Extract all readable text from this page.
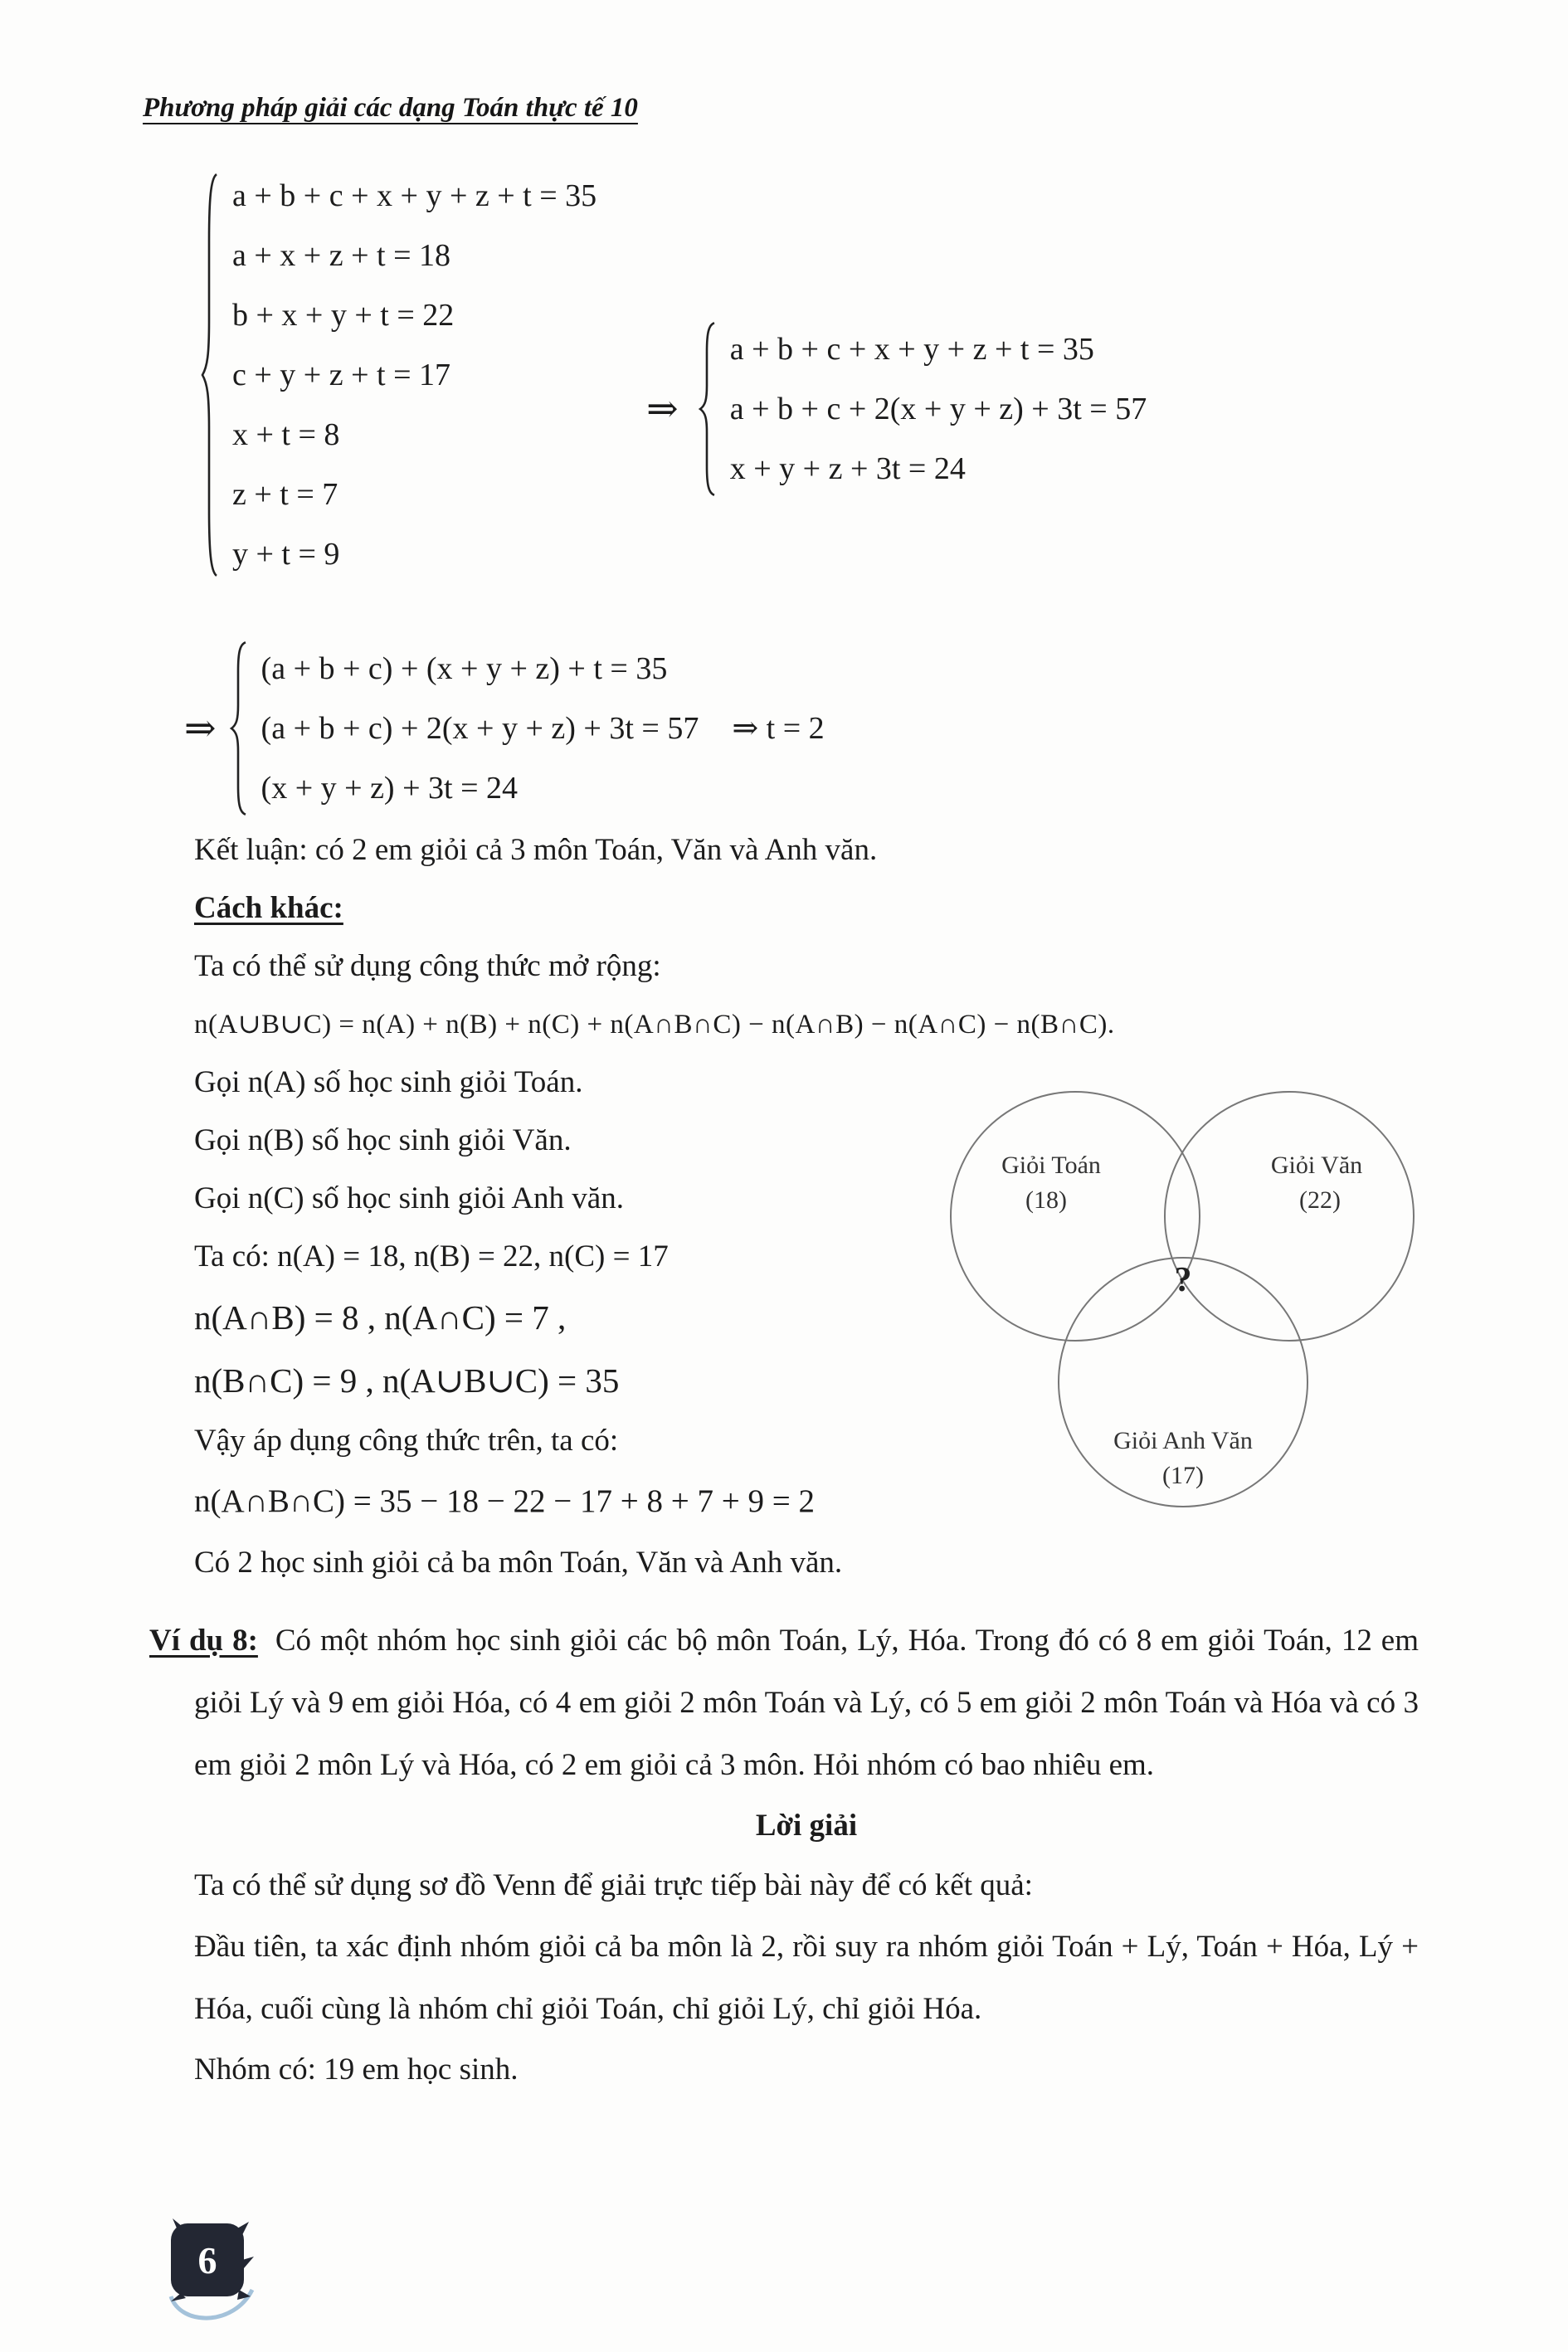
Phương pháp giải các dạng Toán thực tế 10
a + b + c + x + y + z + t = 35
a + x + z + t = 18
b + x + y + t = 22
c + y + z + t = 17
x + t = 8
z + t = 7
y + t = 9
⇒
a + b + c + x + y + z + t = 35
a + b + c + 2(x + y + z) + 3t = 57
x + y + z + 3t = 24
⇒
(a + b + c) + (x + y + z) + t = 35
(a + b + c) + 2(x + y + z) + 3t = 57 ⇒ t = 2
(x + y + z) + 3t = 24

Kết luận: có 2 em giỏi cả 3 môn Toán, Văn và Anh văn.

Cách khác:

Ta có thể sử dụng công thức mở rộng:

n(A∪B∪C) = n(A) + n(B) + n(C) + n(A∩B∩C) − n(A∩B) − n(A∩C) − n(B∩C).

Gọi n(A) số học sinh giỏi Toán.

Gọi n(B) số học sinh giỏi Văn.

Gọi n(C) số học sinh giỏi Anh văn.

Ta có: n(A) = 18, n(B) = 22, n(C) = 17

n(A∩B) = 8 , n(A∩C) = 7 ,

n(B∩C) = 9 , n(A∪B∪C) = 35

Vậy áp dụng công thức trên, ta có:

n(A∩B∩C) = 35 − 18 − 22 − 17 + 8 + 7 + 9 = 2

Giỏi Toán
(18)
Giỏi Văn
(22)
?
Giỏi Anh Văn
(17)

Có 2 học sinh giỏi cả ba môn Toán, Văn và Anh văn.

Ví dụ 8: Có một nhóm học sinh giỏi các bộ môn Toán, Lý, Hóa. Trong đó có 8 em giỏi Toán, 12 em giỏi Lý và 9 em giỏi Hóa, có 4 em giỏi 2 môn Toán và Lý, có 5 em giỏi 2 môn Toán và Hóa và có 3 em giỏi 2 môn Lý và Hóa, có 2 em giỏi cả 3 môn. Hỏi nhóm có bao nhiêu em.

Lời giải

Ta có thể sử dụng sơ đồ Venn để giải trực tiếp bài này để có kết quả:

Đầu tiên, ta xác định nhóm giỏi cả ba môn là 2, rồi suy ra nhóm giỏi Toán + Lý, Toán + Hóa, Lý + Hóa, cuối cùng là nhóm chỉ giỏi Toán, chỉ giỏi Lý, chỉ giỏi Hóa.

Nhóm có: 19 em học sinh.

6
